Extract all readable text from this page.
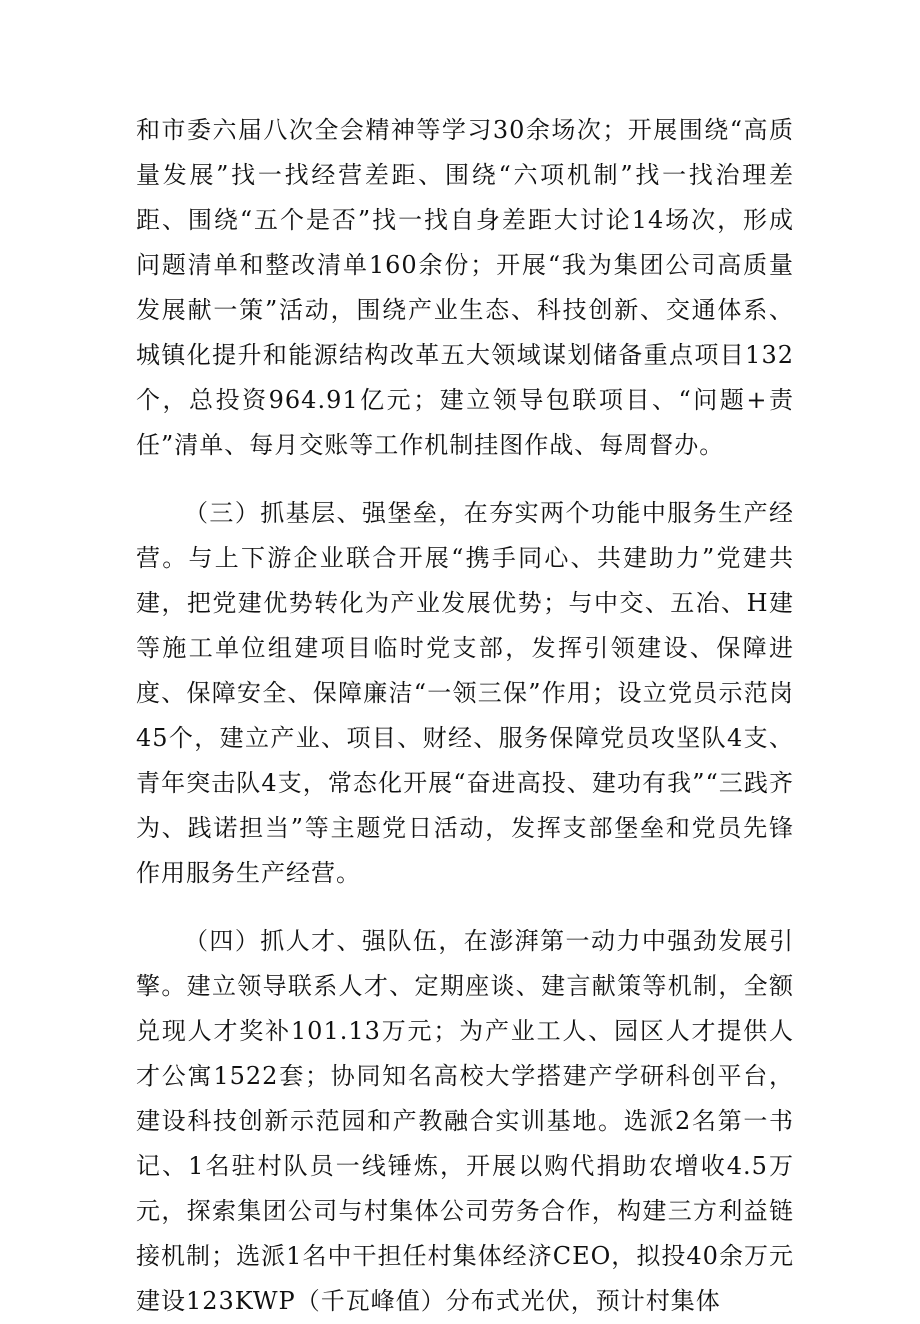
和市委六届八次全会精神等学习30余场次；开展围绕“高质量发展”找一找经营差距、围绕“六项机制”找一找治理差距、围绕“五个是否”找一找自身差距大讨论14场次，形成问题清单和整改清单160余份；开展“我为集团公司高质量发展献一策”活动，围绕产业生态、科技创新、交通体系、城镇化提升和能源结构改革五大领域谋划储备重点项目132个，总投资964.91亿元；建立领导包联项目、“问题+责任”清单、每月交账等工作机制挂图作战、每周督办。

（三）抓基层、强堡垒，在夯实两个功能中服务生产经营。与上下游企业联合开展“携手同心、共建助力”党建共建，把党建优势转化为产业发展优势；与中交、五冶、H建等施工单位组建项目临时党支部，发挥引领建设、保障进度、保障安全、保障廉洁“一领三保”作用；设立党员示范岗45个，建立产业、项目、财经、服务保障党员攻坚队4支、青年突击队4支，常态化开展“奋进高投、建功有我”“三践齐为、践诺担当”等主题党日活动，发挥支部堡垒和党员先锋作用服务生产经营。

（四）抓人才、强队伍，在澎湃第一动力中强劲发展引擎。建立领导联系人才、定期座谈、建言献策等机制，全额兑现人才奖补101.13万元；为产业工人、园区人才提供人才公寓1522套；协同知名高校大学搭建产学研科创平台，建设科技创新示范园和产教融合实训基地。选派2名第一书记、1名驻村队员一线锤炼，开展以购代捐助农增收4.5万元，探索集团公司与村集体公司劳务合作，构建三方利益链接机制；选派1名中干担任村集体经济CEO，拟投40余万元建设123KWP（千瓦峰值）分布式光伏，预计村集体
